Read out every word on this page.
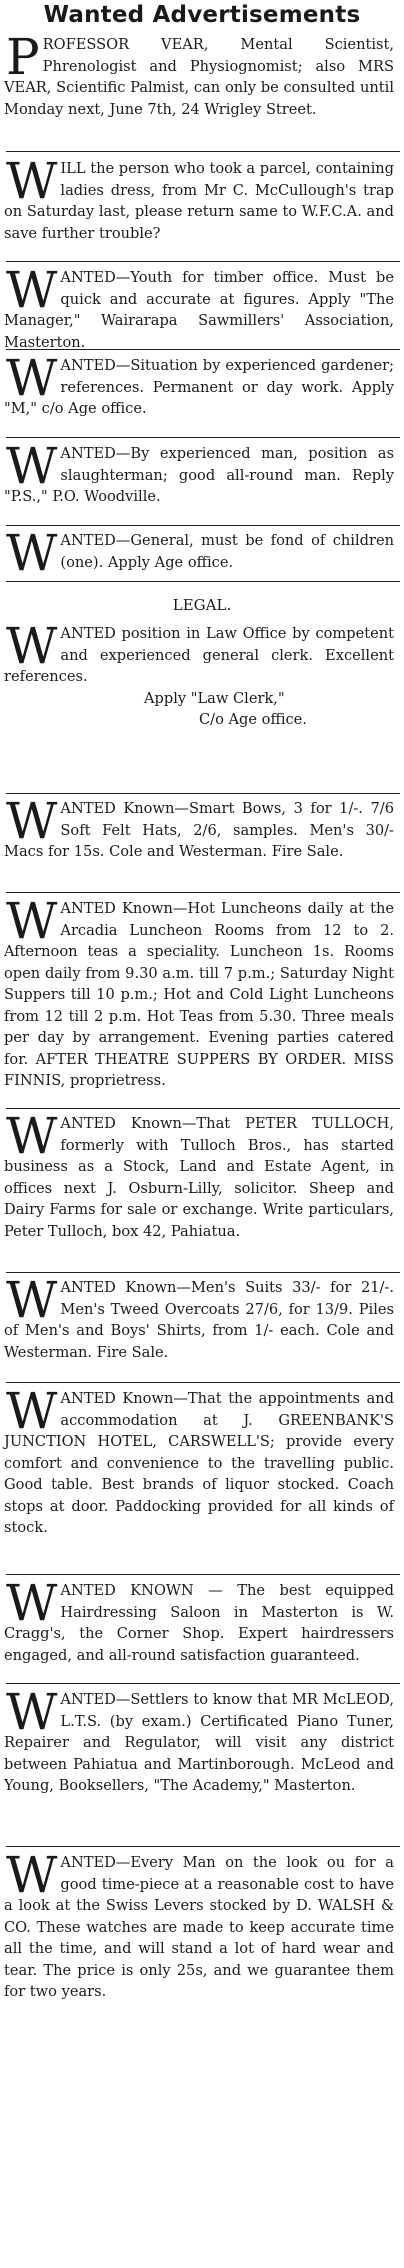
Wanted Advertisements

PROFESSOR VEAR, Mental Scientist, Phrenologist and Physiognomist; also MRS VEAR, Scientific Palmist, can only be consulted until Monday next, June 7th, 24 Wrigley Street.

WILL the person who took a parcel, containing ladies dress, from Mr C. McCullough's trap on Saturday last, please return same to W.F.C.A. and save further trouble?

WANTED—Youth for timber office. Must be quick and accurate at figures. Apply "The Manager," Wairarapa Sawmillers' Association, Masterton.

WANTED—Situation by experienced gardener; references. Permanent or day work. Apply "M," c/o Age office.

WANTED—By experienced man, position as slaughterman; good all-round man. Reply "P.S.," P.O. Woodville.

WANTED—General, must be fond of children (one). Apply Age office.

LEGAL.

WANTED position in Law Office by competent and experienced general clerk. Excellent references.

Apply "Law Clerk,"

C/o Age office.

WANTED Known—Smart Bows, 3 for 1/-. 7/6 Soft Felt Hats, 2/6, samples. Men's 30/- Macs for 15s. Cole and Westerman. Fire Sale.

WANTED Known—Hot Luncheons daily at the Arcadia Luncheon Rooms from 12 to 2. Afternoon teas a speciality. Luncheon 1s. Rooms open daily from 9.30 a.m. till 7 p.m.; Saturday Night Suppers till 10 p.m.; Hot and Cold Light Luncheons from 12 till 2 p.m. Hot Teas from 5.30. Three meals per day by arrangement. Evening parties catered for. AFTER THEATRE SUPPERS BY ORDER. MISS FINNIS, proprietress.

WANTED Known—That PETER TULLOCH, formerly with Tulloch Bros., has started business as a Stock, Land and Estate Agent, in offices next J. Osburn-Lilly, solicitor. Sheep and Dairy Farms for sale or exchange. Write particulars, Peter Tulloch, box 42, Pahiatua.

WANTED Known—Men's Suits 33/- for 21/-. Men's Tweed Overcoats 27/6, for 13/9. Piles of Men's and Boys' Shirts, from 1/- each. Cole and Westerman. Fire Sale.

WANTED Known—That the appointments and accommodation at J. GREENBANK'S JUNCTION HOTEL, CARSWELL'S; provide every comfort and convenience to the travelling public. Good table. Best brands of liquor stocked. Coach stops at door. Paddocking provided for all kinds of stock.

WANTED KNOWN — The best equipped Hairdressing Saloon in Masterton is W. Cragg's, the Corner Shop. Expert hairdressers engaged, and all-round satisfaction guaranteed.

WANTED—Settlers to know that MR McLEOD, L.T.S. (by exam.) Certificated Piano Tuner, Repairer and Regulator, will visit any district between Pahiatua and Martinborough. McLeod and Young, Booksellers, "The Academy," Masterton.

WANTED—Every Man on the look ou for a good time-piece at a reasonable cost to have a look at the Swiss Levers stocked by D. WALSH & CO. These watches are made to keep accurate time all the time, and will stand a lot of hard wear and tear. The price is only 25s, and we guarantee them for two years.
